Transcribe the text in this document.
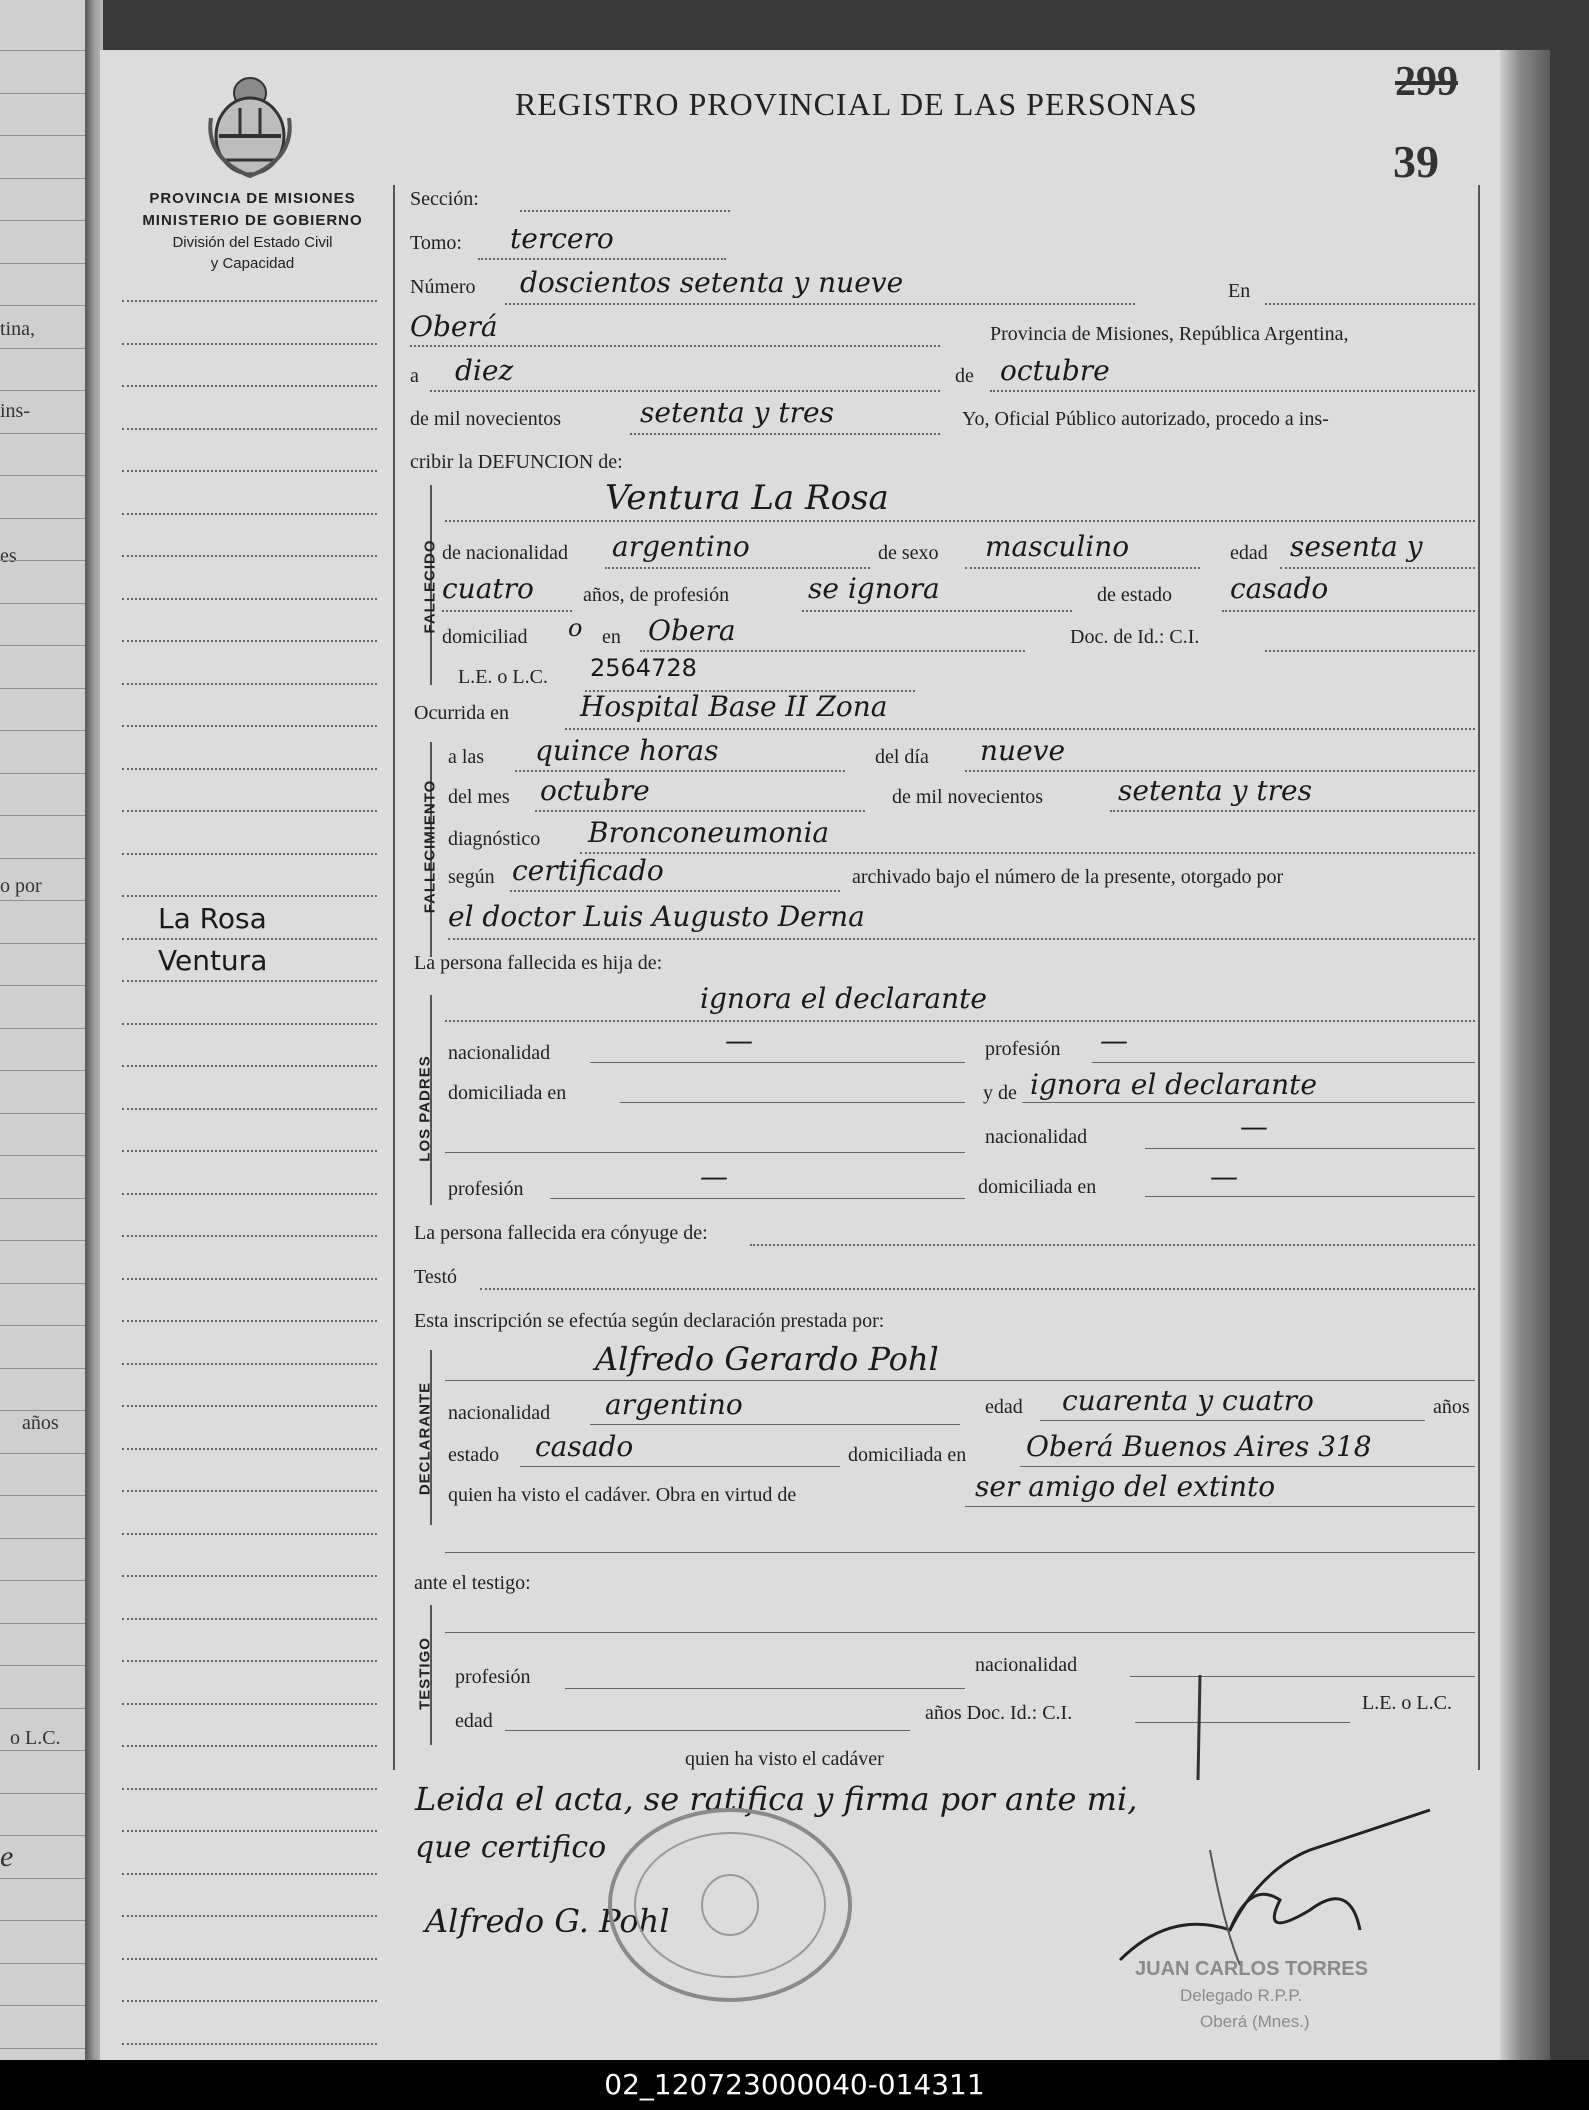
tina,
ins-
es
o por
años
o L.C.
e
PROVINCIA DE MISIONES
MINISTERIO DE GOBIERNO
División del Estado Civil
y Capacidad
REGISTRO PROVINCIAL DE LAS PERSONAS	299
39
Sección:
Tomo: tercero
Número doscientos setenta y nueve	En
Oberá	Provincia de Misiones, República Argentina,
a diez	de octubre
de mil novecientos	setenta y tres	Yo, Oficial Público autorizado, procedo a ins-
cribir la DEFUNCION de:
FALLECIDO
Ventura La Rosa
de nacionalidad argentino	de sexo masculino	edad sesenta y
cuatro años, de profesión	se ignora	de estado casado
domiciliad o en Obera	Doc. de Id.: C.I.
L.E. o L.C. 2564728
Ocurrida en	Hospital Base II Zona
FALLECIMIENTO
a las quince horas	del día nueve
del mes octubre	de mil novecientos	setenta y tres
diagnóstico Bronconeumonia
según certificado	archivado bajo el número de la presente, otorgado por
el doctor Luis Augusto Derna
La persona fallecida es hija de:
LOS PADRES
ignora el declarante
nacionalidad	—	profesión —
domiciliada en	y de ignora el declarante
nacionalidad	—
profesión	—	domiciliada en	—
La persona fallecida era cónyuge de:
Testó
Esta inscripción se efectúa según declaración prestada por:
DECLARANTE
Alfredo Gerardo Pohl
nacionalidad argentino	edad cuarenta y cuatro	años
estado casado	domiciliada en Oberá Buenos Aires 318
quien ha visto el cadáver. Obra en virtud de	ser amigo del extinto
ante el testigo:
TESTIGO profesión
nacionalidad
edad	años Doc. Id.: C.I.	L.E. o L.C.
quien ha visto el cadáver
Leida el acta, se ratifica y firma por ante mi,
que certifico
Alfredo G. Pohl
JUAN CARLOS TORRES
Delegado R.P.P.
Oberá (Mnes.)
La Rosa
Ventura
02_120723000040-014311
